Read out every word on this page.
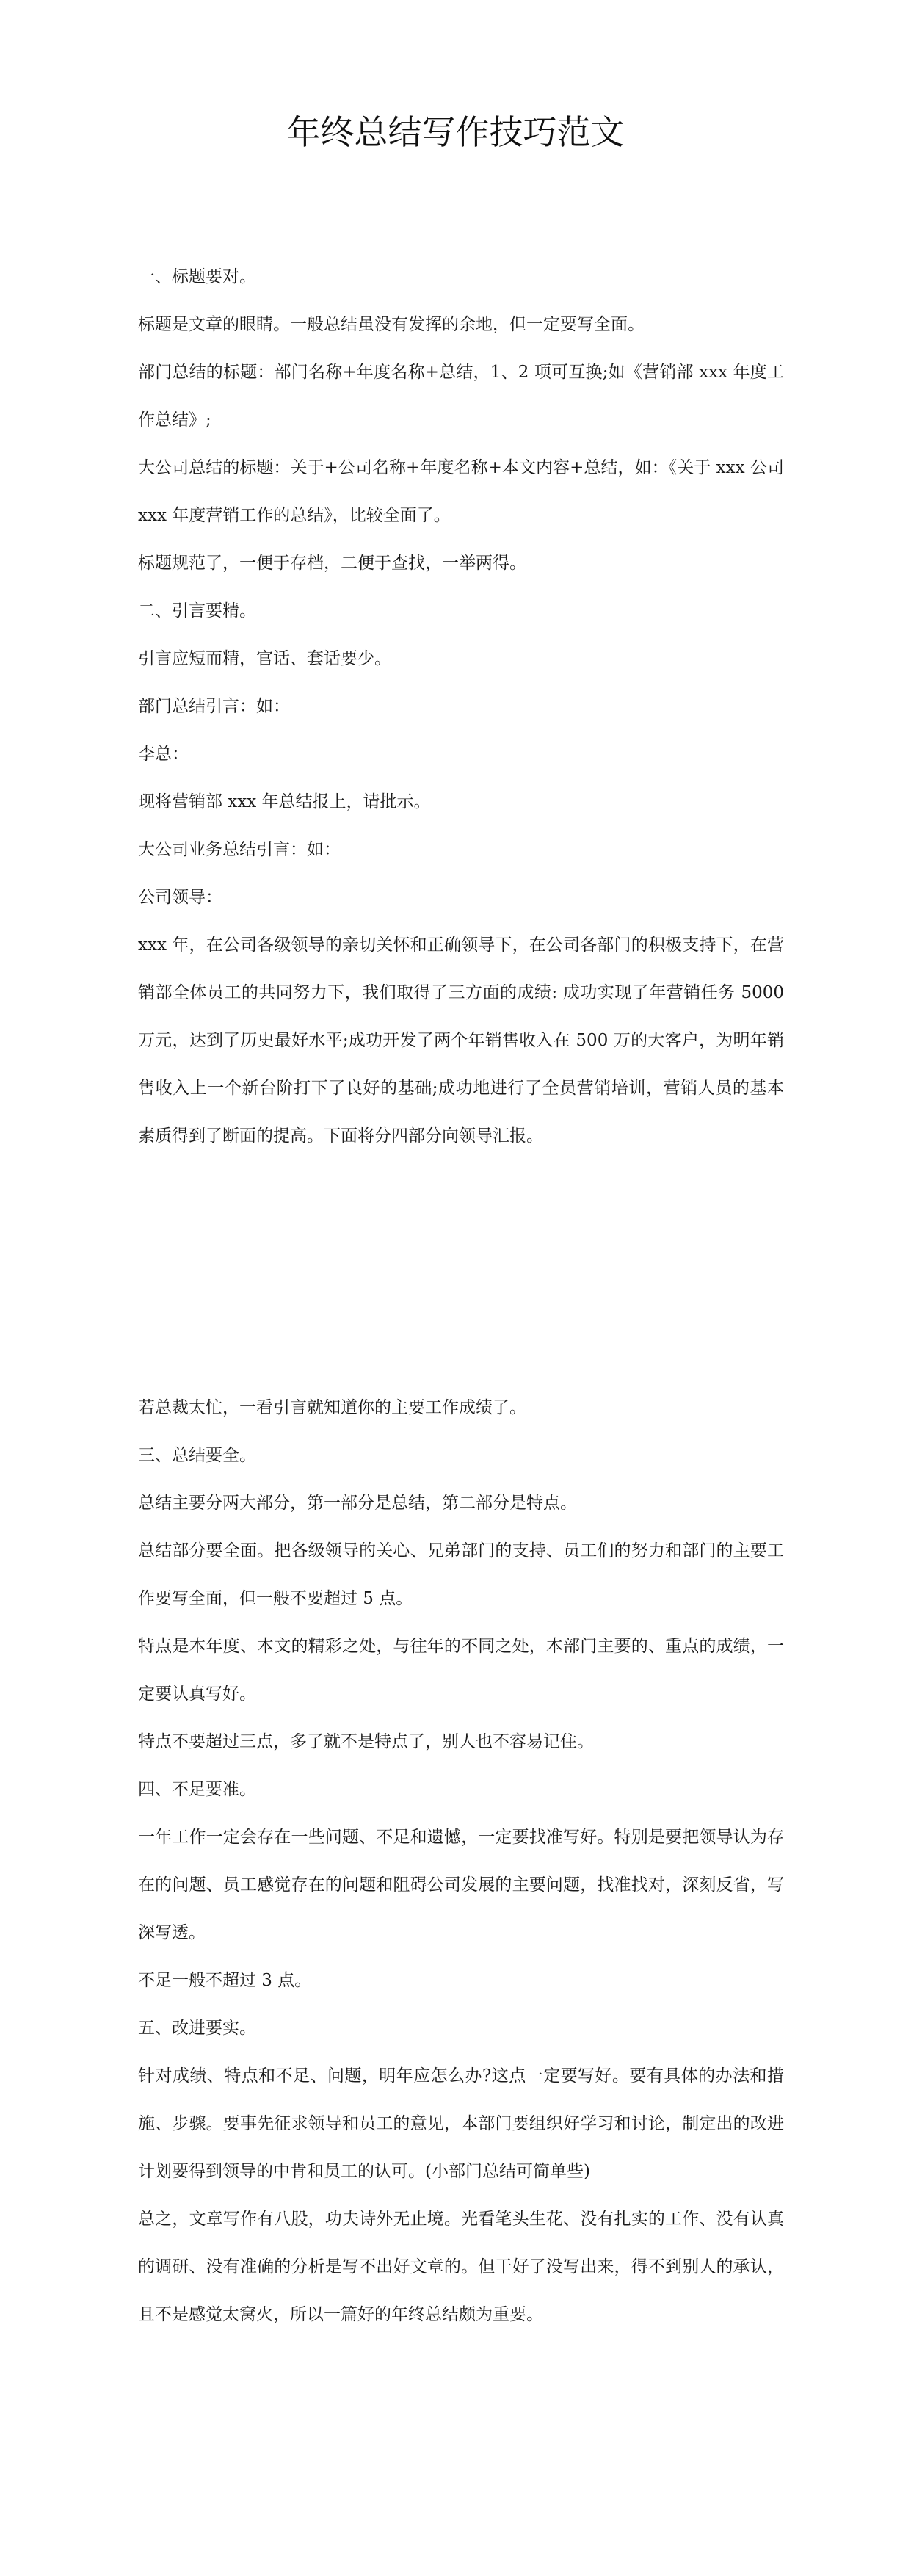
年终总结写作技巧范文

一、标题要对。

标题是文章的眼睛。一般总结虽没有发挥的余地，但一定要写全面。

部门总结的标题：部门名称+年度名称+总结，1、2 项可互换;如《营销部 xxx 年度工作总结》;

大公司总结的标题：关于+公司名称+年度名称+本文内容+总结，如：《关于 xxx 公司 xxx 年度营销工作的总结》，比较全面了。

标题规范了，一便于存档，二便于查找，一举两得。

二、引言要精。

引言应短而精，官话、套话要少。

部门总结引言：如：

李总：

现将营销部 xxx 年总结报上，请批示。

大公司业务总结引言：如：

公司领导：

xxx 年，在公司各级领导的亲切关怀和正确领导下，在公司各部门的积极支持下，在营销部全体员工的共同努力下，我们取得了三方面的成绩: 成功实现了年营销任务 5000 万元，达到了历史最好水平;成功开发了两个年销售收入在 500 万的大客户，为明年销售收入上一个新台阶打下了良好的基础;成功地进行了全员营销培训，营销人员的基本素质得到了断面的提高。下面将分四部分向领导汇报。

若总裁太忙，一看引言就知道你的主要工作成绩了。

三、总结要全。

总结主要分两大部分，第一部分是总结，第二部分是特点。

总结部分要全面。把各级领导的关心、兄弟部门的支持、员工们的努力和部门的主要工作要写全面，但一般不要超过 5 点。

特点是本年度、本文的精彩之处，与往年的不同之处，本部门主要的、重点的成绩，一定要认真写好。

特点不要超过三点，多了就不是特点了，别人也不容易记住。

四、不足要准。

一年工作一定会存在一些问题、不足和遗憾，一定要找准写好。特别是要把领导认为存在的问题、员工感觉存在的问题和阻碍公司发展的主要问题，找准找对，深刻反省，写深写透。

不足一般不超过 3 点。

五、改进要实。

针对成绩、特点和不足、问题，明年应怎么办?这点一定要写好。要有具体的办法和措施、步骤。要事先征求领导和员工的意见，本部门要组织好学习和讨论，制定出的改进计划要得到领导的中肯和员工的认可。(小部门总结可简单些)

总之，文章写作有八股，功夫诗外无止境。光看笔头生花、没有扎实的工作、没有认真的调研、没有准确的分析是写不出好文章的。但干好了没写出来，得不到别人的承认，且不是感觉太窝火，所以一篇好的年终总结颇为重要。
